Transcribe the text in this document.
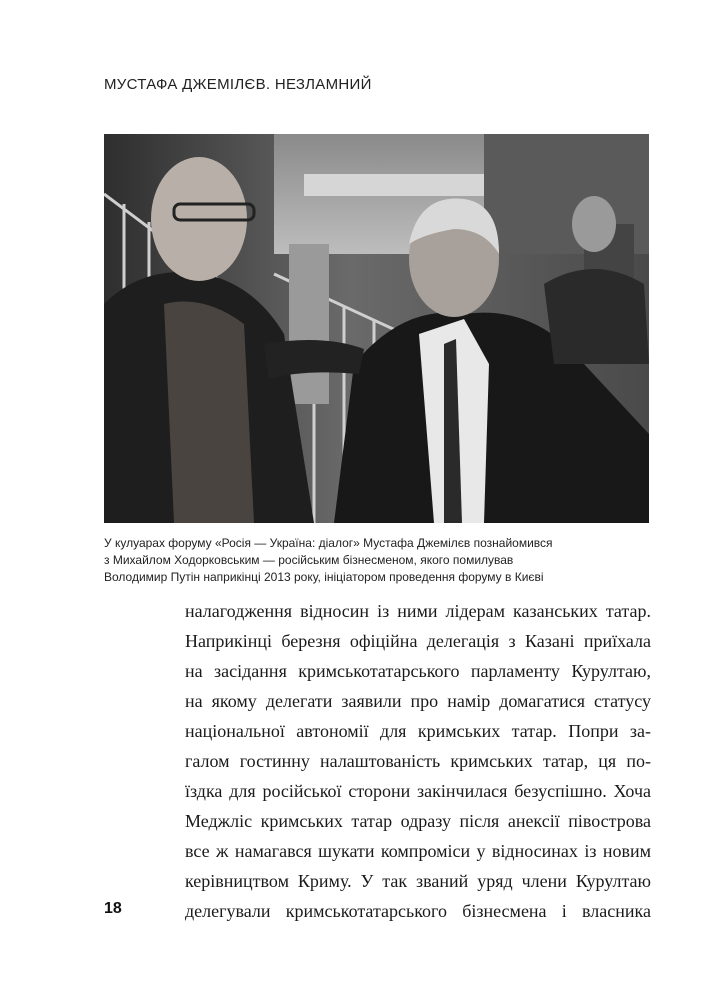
МУСТАФА ДЖЕМІЛЄВ. НЕЗЛАМНИЙ
У кулуарах форуму «Росія — Україна: діалог» Мустафа Джемілєв познайомився
з Михайлом Ходорковським — російським бізнесменом, якого помилував
Володимир Путін наприкінці 2013 року, ініціатором проведення форуму в Києві
налагодження відносин із ними лідерам казанських татар.
Наприкінці березня офіційна делегація з Казані приїхала
на засідання кримськотатарського парламенту Курултаю,
на якому делегати заявили про намір домагатися статусу
національної автономії для кримських татар. Попри за-
галом гостинну налаштованість кримських татар, ця по-
їздка для російської сторони закінчилася безуспішно. Хоча
Меджліс кримських татар одразу після анексії півострова
все ж намагався шукати компроміси у відносинах із новим
керівництвом Криму. У так званий уряд члени Курултаю
делегували кримськотатарського бізнесмена і власника
18
